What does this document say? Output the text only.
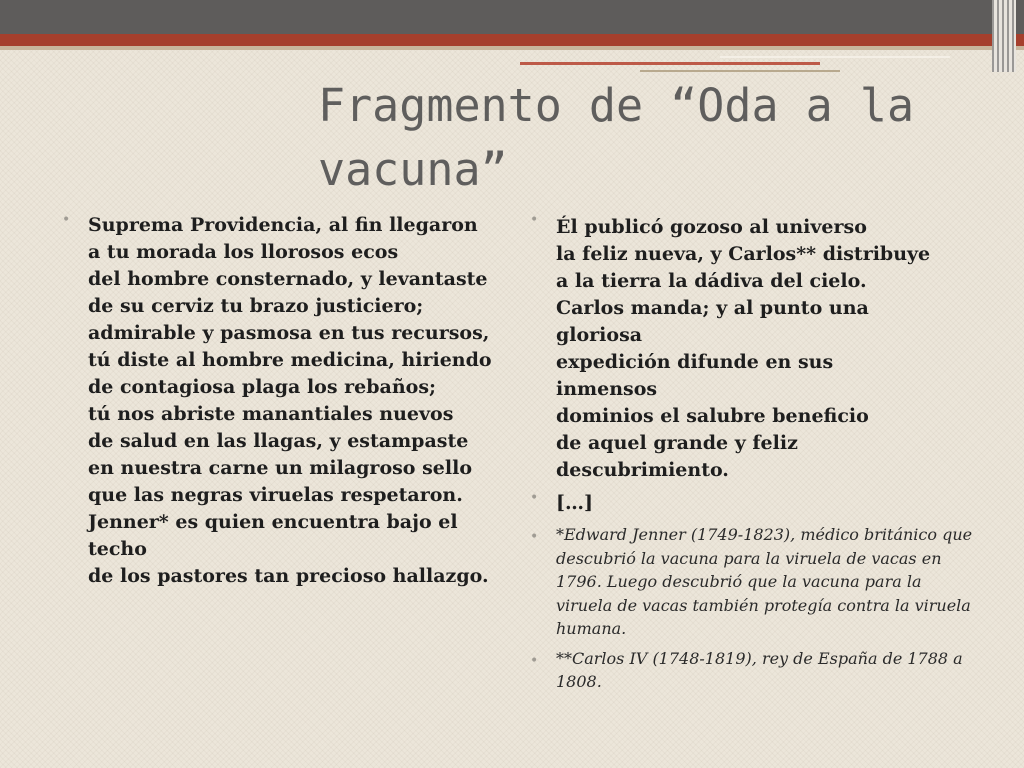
Fragmento de “Oda a la vacuna”
• Suprema Providencia, al fin llegaron
a tu morada los llorosos ecos
del hombre consternado, y levantaste
de su cerviz tu brazo justiciero;
admirable y pasmosa en tus recursos,
tú diste al hombre medicina, hiriendo
de contagiosa plaga los rebaños;
tú nos abriste manantiales nuevos
de salud en las llagas, y estampaste
en nuestra carne un milagroso sello
que las negras viruelas respetaron.
Jenner* es quien encuentra bajo el techo
de los pastores tan precioso hallazgo.
• Él publicó gozoso al universo
la feliz nueva, y Carlos** distribuye
a la tierra la dádiva del cielo.
Carlos manda; y al punto una gloriosa
expedición difunde en sus inmensos
dominios el salubre beneficio
de aquel grande y feliz descubrimiento.
• […]
• *Edward Jenner (1749-1823), médico británico que descubrió la vacuna para la viruela de vacas en 1796. Luego descubrió que la vacuna para la viruela de vacas también protegía contra la viruela humana.
• **Carlos IV (1748-1819), rey de España de 1788 a 1808.
